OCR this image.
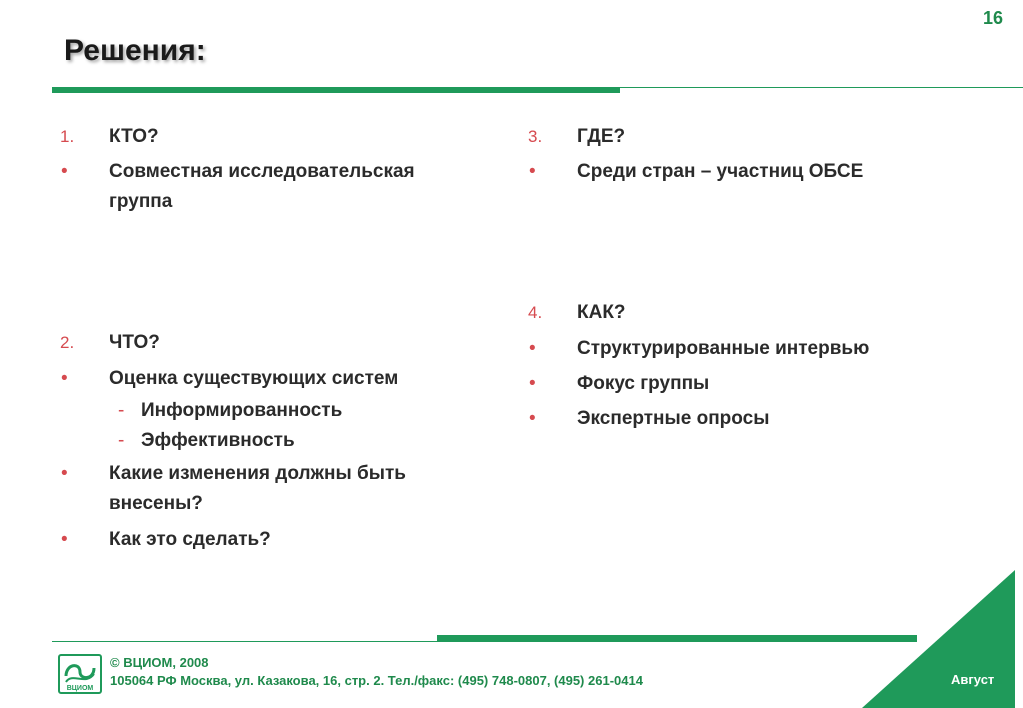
16
Решения:
1. КТО?
• Совместная исследовательская
группа
2. ЧТО?
• Оценка существующих систем
- Информированность
- Эффективность
• Какие изменения должны быть
внесены?
• Как это сделать?
3. ГДЕ?
• Среди стран – участниц ОБСЕ
4. КАК?
• Структурированные интервью
• Фокус группы
• Экспертные опросы
ВЦИОМ
© ВЦИОМ, 2008
105064 РФ Москва, ул. Казакова, 16, стр. 2. Тел./факс: (495) 748-0807, (495) 261-0414	Август
